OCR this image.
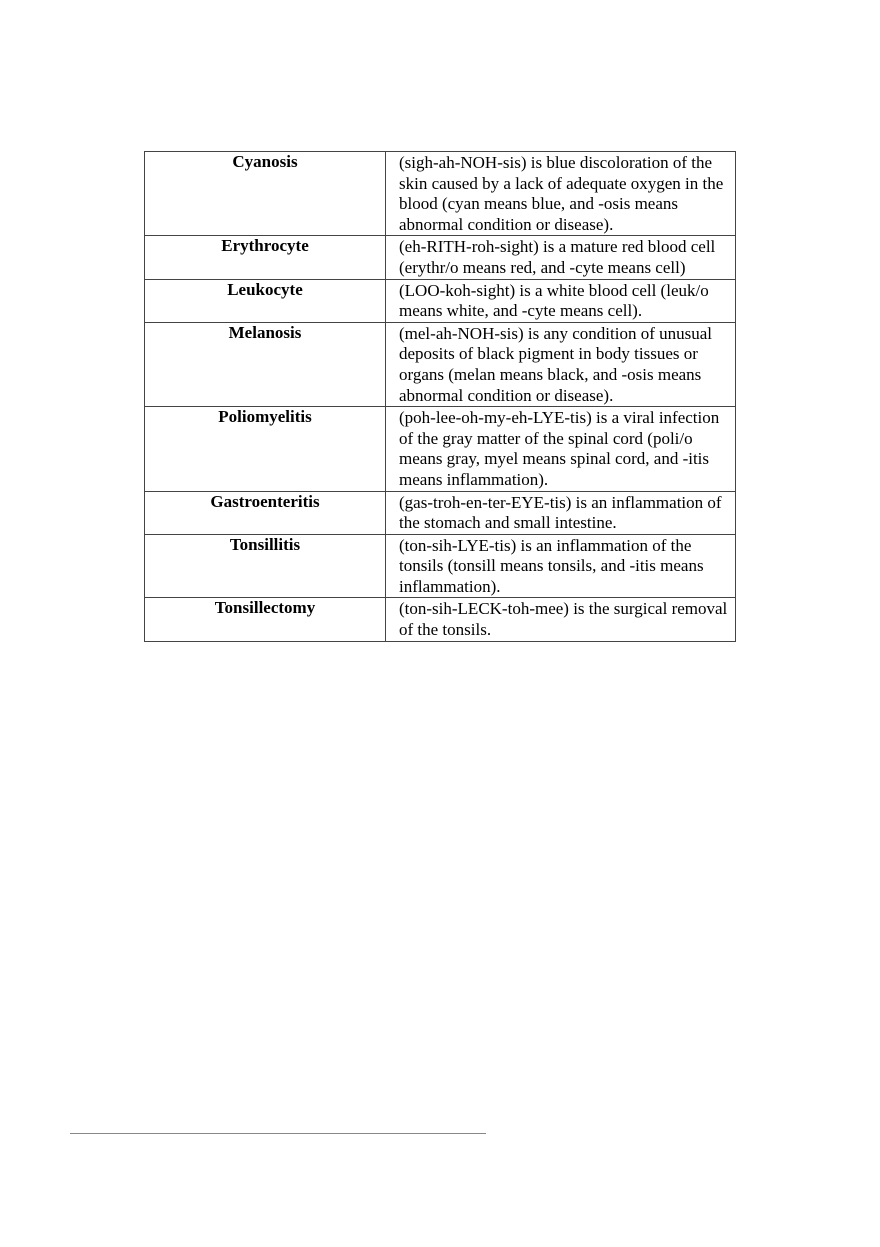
Cyanosis	(sigh-ah-NOH-sis) is blue discoloration of the skin caused by a lack of adequate oxygen in the blood (cyan means blue, and -osis means abnormal condition or disease).
Erythrocyte	(eh-RITH-roh-sight) is a mature red blood cell (erythr/o means red, and -cyte means cell)
Leukocyte	(LOO-koh-sight) is a white blood cell (leuk/o means white, and -cyte means cell).
Melanosis	(mel-ah-NOH-sis) is any condition of unusual deposits of black pigment in body tissues or organs (melan means black, and -osis means abnormal condition or disease).
Poliomyelitis	(poh-lee-oh-my-eh-LYE-tis) is a viral infection of the gray matter of the spinal cord (poli/o means gray, myel means spinal cord, and -itis means inflammation).
Gastroenteritis	(gas-troh-en-ter-EYE-tis) is an inflammation of the stomach and small intestine.
Tonsillitis	(ton-sih-LYE-tis) is an inflammation of the tonsils (tonsill means tonsils, and -itis means inflammation).
Tonsillectomy	(ton-sih-LECK-toh-mee) is the surgical removal of the tonsils.
